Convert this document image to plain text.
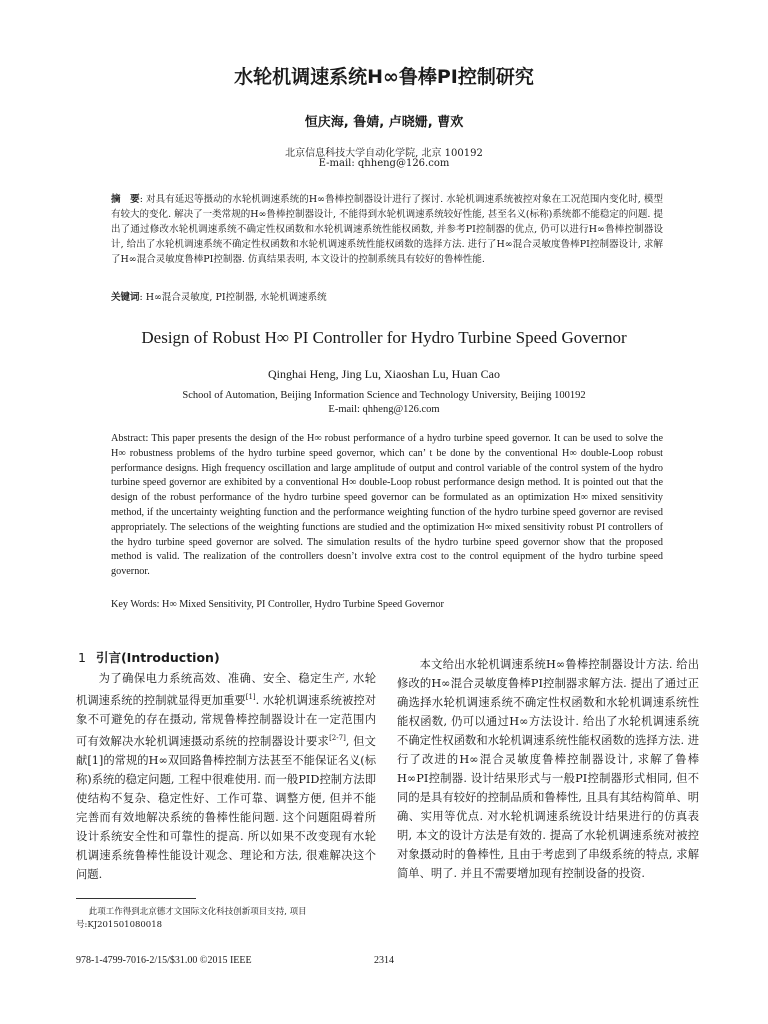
水轮机调速系统H∞鲁棒PI控制研究
恒庆海, 鲁婧, 卢晓姗, 曹欢
北京信息科技大学自动化学院, 北京 100192
E-mail: qhheng@126.com
摘　要: 对具有延迟等摄动的水轮机调速系统的H∞鲁棒控制器设计进行了探讨. 水轮机调速系统被控对象在工况范围内变化时, 模型有较大的变化. 解决了一类常规的H∞鲁棒控制器设计, 不能得到水轮机调速系统较好性能, 甚至名义(标称)系统都不能稳定的问题. 提出了通过修改水轮机调速系统不确定性权函数和水轮机调速系统性能权函数, 并参考PI控制器的优点, 仍可以进行H∞鲁棒控制器设计, 给出了水轮机调速系统不确定性权函数和水轮机调速系统性能权函数的选择方法. 进行了H∞混合灵敏度鲁棒PI控制器设计, 求解了H∞混合灵敏度鲁棒PI控制器. 仿真结果表明, 本文设计的控制系统具有较好的鲁棒性能.
关键词: H∞混合灵敏度, PI控制器, 水轮机调速系统
Design of Robust H∞ PI Controller for Hydro Turbine Speed Governor
Qinghai Heng, Jing Lu, Xiaoshan Lu, Huan Cao
School of Automation, Beijing Information Science and Technology University, Beijing 100192
E-mail: qhheng@126.com
Abstract: This paper presents the design of the H∞ robust performance of a hydro turbine speed governor. It can be used to solve the H∞ robustness problems of the hydro turbine speed governor, which can’ t be done by the conventional H∞ double-Loop robust performance designs. High frequency oscillation and large amplitude of output and control variable of the control system of the hydro turbine speed governor are exhibited by a conventional H∞ double-Loop robust performance design method. It is pointed out that the design of the robust performance of the hydro turbine speed governor can be formulated as an optimization H∞ mixed sensitivity method, if the uncertainty weighting function and the performance weighting function of the hydro turbine speed governor are revised appropriately. The selections of the weighting functions are studied and the optimization H∞ mixed sensitivity robust PI controllers of the hydro turbine speed governor are solved. The simulation results of the hydro turbine speed governor show that the proposed method is valid. The realization of the controllers doesn’t involve extra cost to the control equipment of the hydro turbine speed governor.
Key Words: H∞ Mixed Sensitivity, PI Controller, Hydro Turbine Speed Governor
1 引言(Introduction)

为了确保电力系统高效、准确、安全、稳定生产, 水轮机调速系统的控制就显得更加重要[1]. 水轮机调速系统被控对象不可避免的存在摄动, 常规鲁棒控制器设计在一定范围内可有效解决水轮机调速摄动系统的控制器设计要求[2-7], 但文献[1]的常规的H∞双回路鲁棒控制方法甚至不能保证名义(标称)系统的稳定问题, 工程中很难使用. 而一般PID控制方法即使结构不复杂、稳定性好、工作可靠、调整方便, 但并不能完善而有效地解决系统的鲁棒性能问题. 这个问题阻碍着所设计系统安全性和可靠性的提高. 所以如果不改变现有水轮机调速系统鲁棒性能设计观念、理论和方法, 很难解决这个问题.

本文给出水轮机调速系统H∞鲁棒控制器设计方法. 给出修改的H∞混合灵敏度鲁棒PI控制器求解方法. 提出了通过正确选择水轮机调速系统不确定性权函数和水轮机调速系统性能权函数, 仍可以通过H∞方法设计. 给出了水轮机调速系统不确定性权函数和水轮机调速系统性能权函数的选择方法. 进行了改进的H∞混合灵敏度鲁棒控制器设计, 求解了鲁棒H∞PI控制器. 设计结果形式与一般PI控制器形式相同, 但不同的是具有较好的控制品质和鲁棒性, 且具有其结构简单、明确、实用等优点. 对水轮机调速系统设计结果进行的仿真表明, 本文的设计方法是有效的. 提高了水轮机调速系统对被控对象摄动时的鲁棒性, 且由于考虑到了串级系统的特点, 求解简单、明了. 并且不需要增加现有控制设备的投资.

此项工作得到北京德才文国际文化科技创新项目支持, 项目号:KJ201501080018
978-1-4799-7016-2/15/$31.00 ©2015 IEEE	2314
